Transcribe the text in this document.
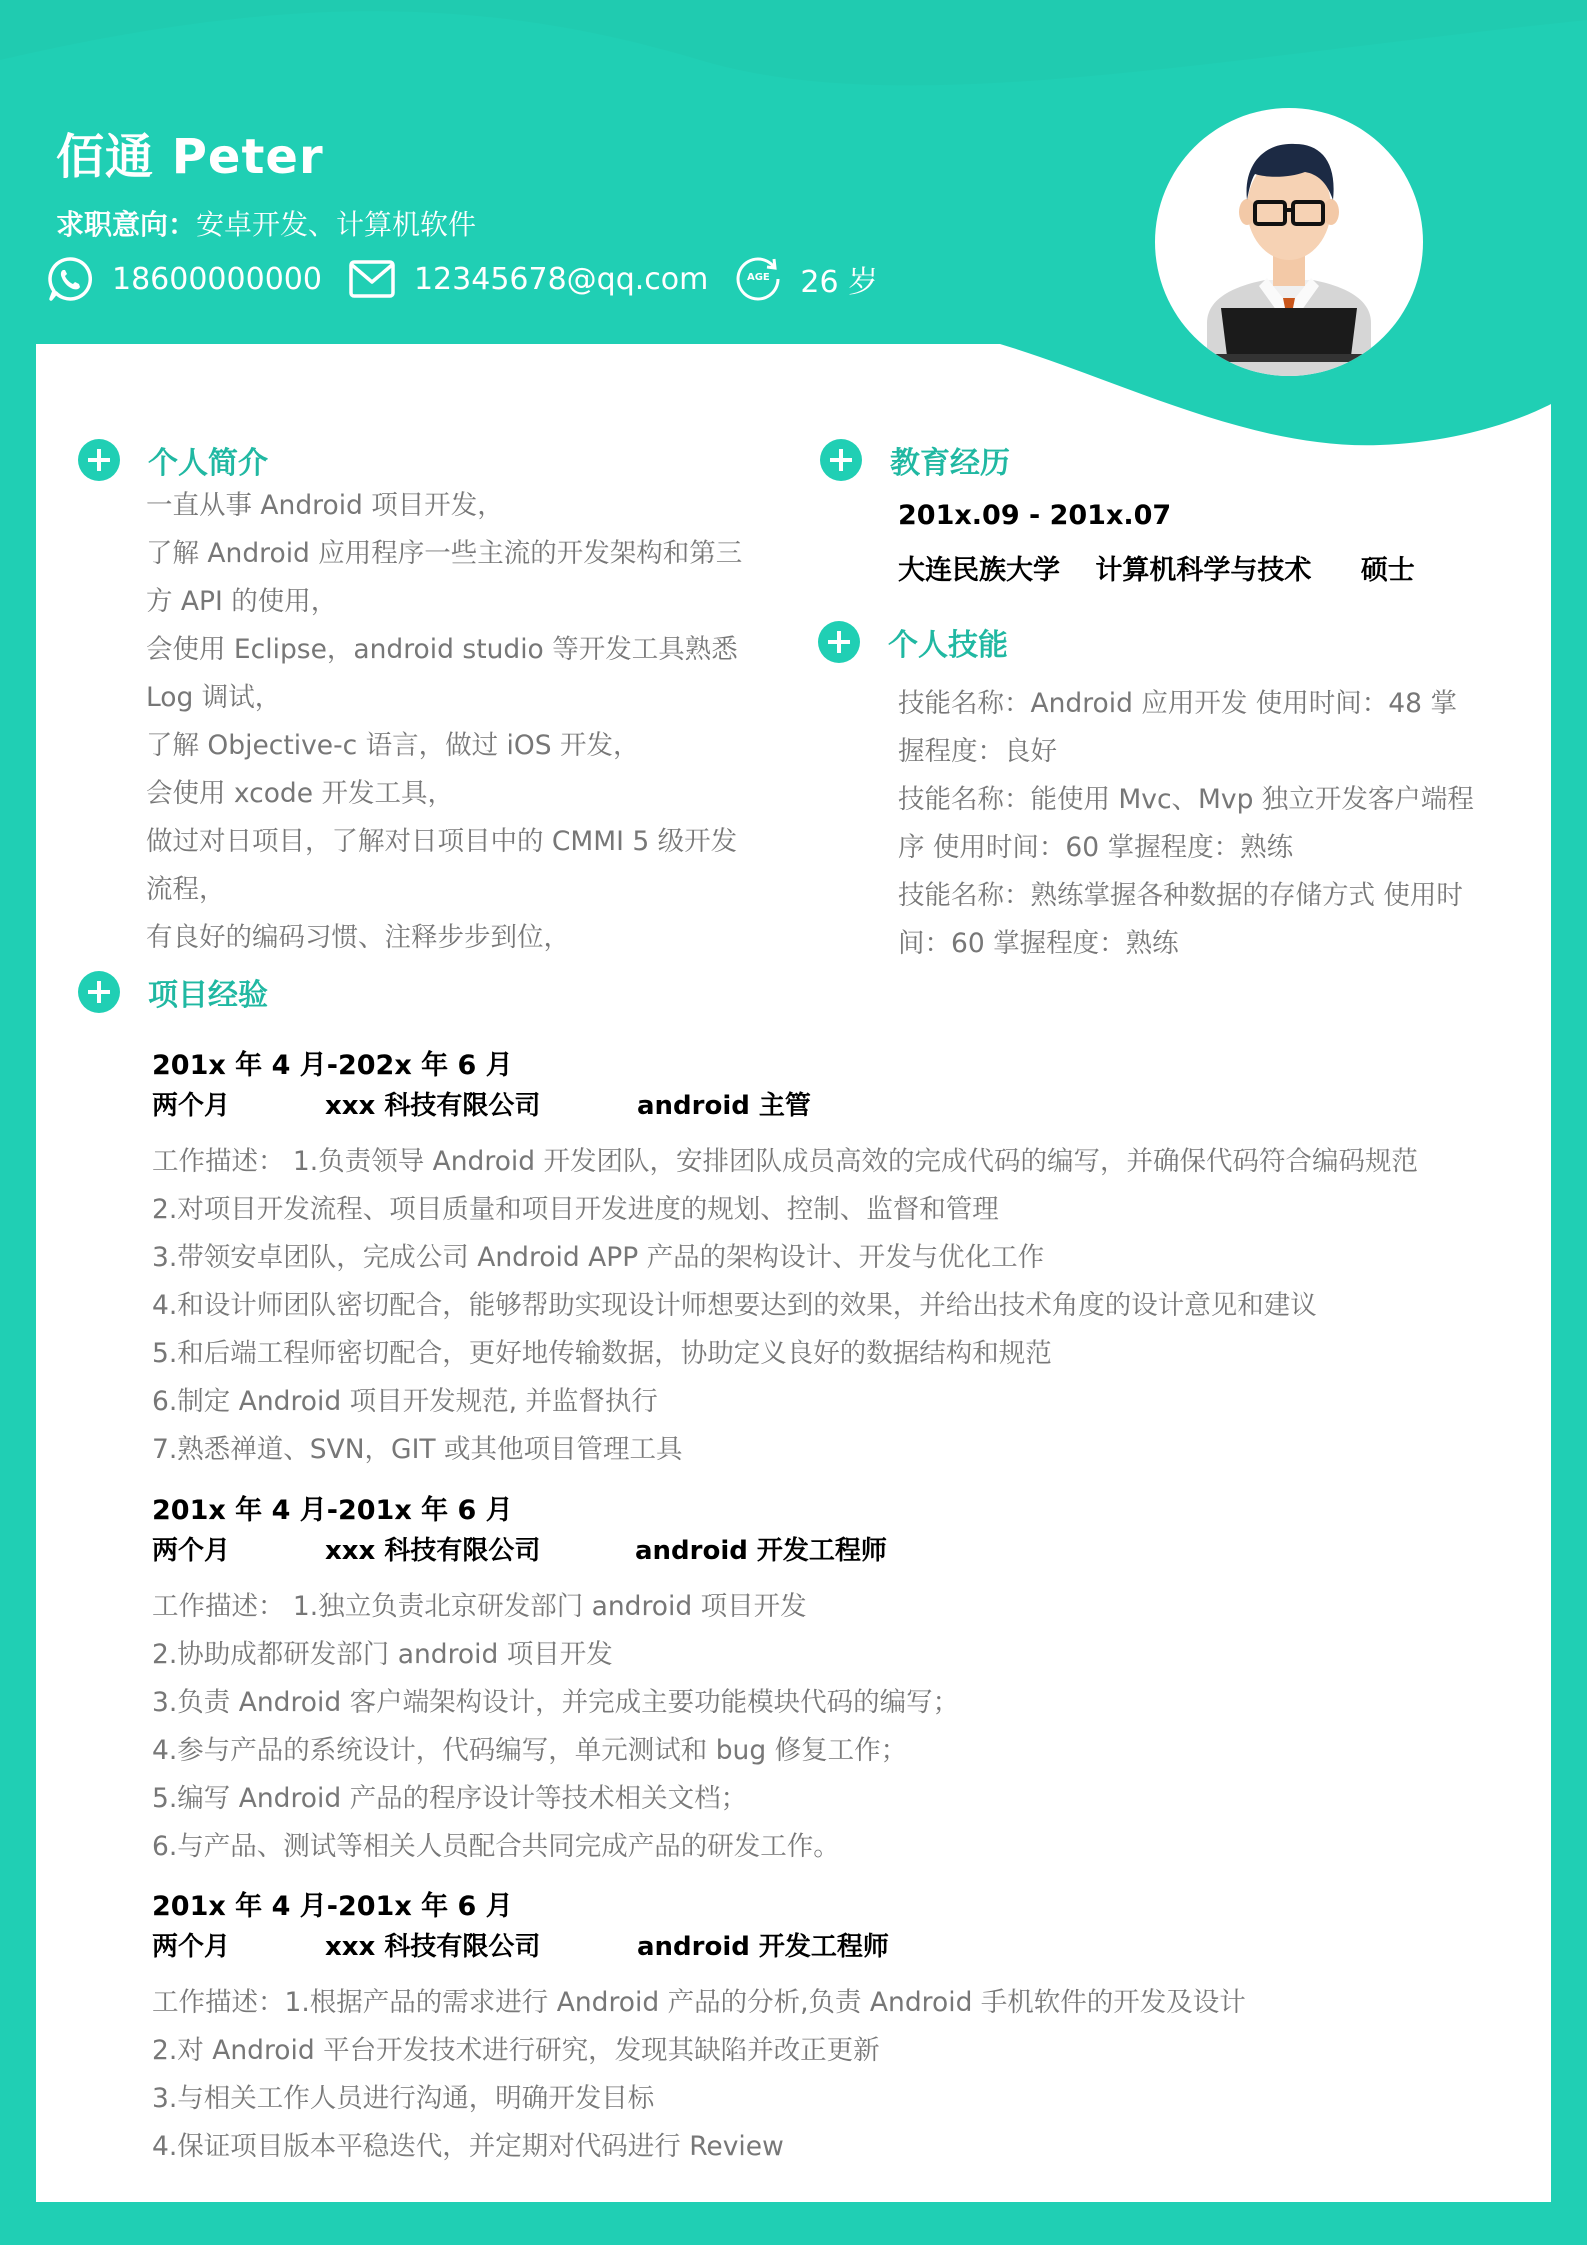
佰通 Peter
求职意向：安卓开发、计算机软件
18600000000	12345678@qq.com	AGE	26 岁
个人简介
一直从事 Android 项目开发，
了解 Android 应用程序一些主流的开发架构和第三
方 API 的使用，
会使用 Eclipse，android studio 等开发工具熟悉
Log 调试，
了解 Objective-c 语言，做过 iOS 开发，
会使用 xcode 开发工具，
做过对日项目，了解对日项目中的 CMMI 5 级开发
流程，
有良好的编码习惯、注释步步到位，
教育经历
201x.09 - 201x.07
大连民族大学 计算机科学与技术 硕士
个人技能
技能名称：Android 应用开发 使用时间：48 掌
握程度：良好
技能名称：能使用 Mvc、Mvp 独立开发客户端程
序 使用时间：60 掌握程度：熟练
技能名称：熟练掌握各种数据的存储方式 使用时
间：60 掌握程度：熟练
项目经验
201x 年 4 月-202x 年 6 月
两个月	xxx 科技有限公司	android 主管
工作描述： 1.负责领导 Android 开发团队，安排团队成员高效的完成代码的编写，并确保代码符合编码规范
2.对项目开发流程、项目质量和项目开发进度的规划、控制、监督和管理
3.带领安卓团队，完成公司 Android APP 产品的架构设计、开发与优化工作
4.和设计师团队密切配合，能够帮助实现设计师想要达到的效果，并给出技术角度的设计意见和建议
5.和后端工程师密切配合，更好地传输数据，协助定义良好的数据结构和规范
6.制定 Android 项目开发规范, 并监督执行
7.熟悉禅道、SVN，GIT 或其他项目管理工具
201x 年 4 月-201x 年 6 月
两个月	xxx 科技有限公司	android 开发工程师
工作描述： 1.独立负责北京研发部门 android 项目开发
2.协助成都研发部门 android 项目开发
3.负责 Android 客户端架构设计，并完成主要功能模块代码的编写；
4.参与产品的系统设计，代码编写，单元测试和 bug 修复工作；
5.编写 Android 产品的程序设计等技术相关文档；
6.与产品、测试等相关人员配合共同完成产品的研发工作。
201x 年 4 月-201x 年 6 月
两个月	xxx 科技有限公司	android 开发工程师
工作描述：1.根据产品的需求进行 Android 产品的分析,负责 Android 手机软件的开发及设计
2.对 Android 平台开发技术进行研究，发现其缺陷并改正更新
3.与相关工作人员进行沟通，明确开发目标
4.保证项目版本平稳迭代，并定期对代码进行 Review
